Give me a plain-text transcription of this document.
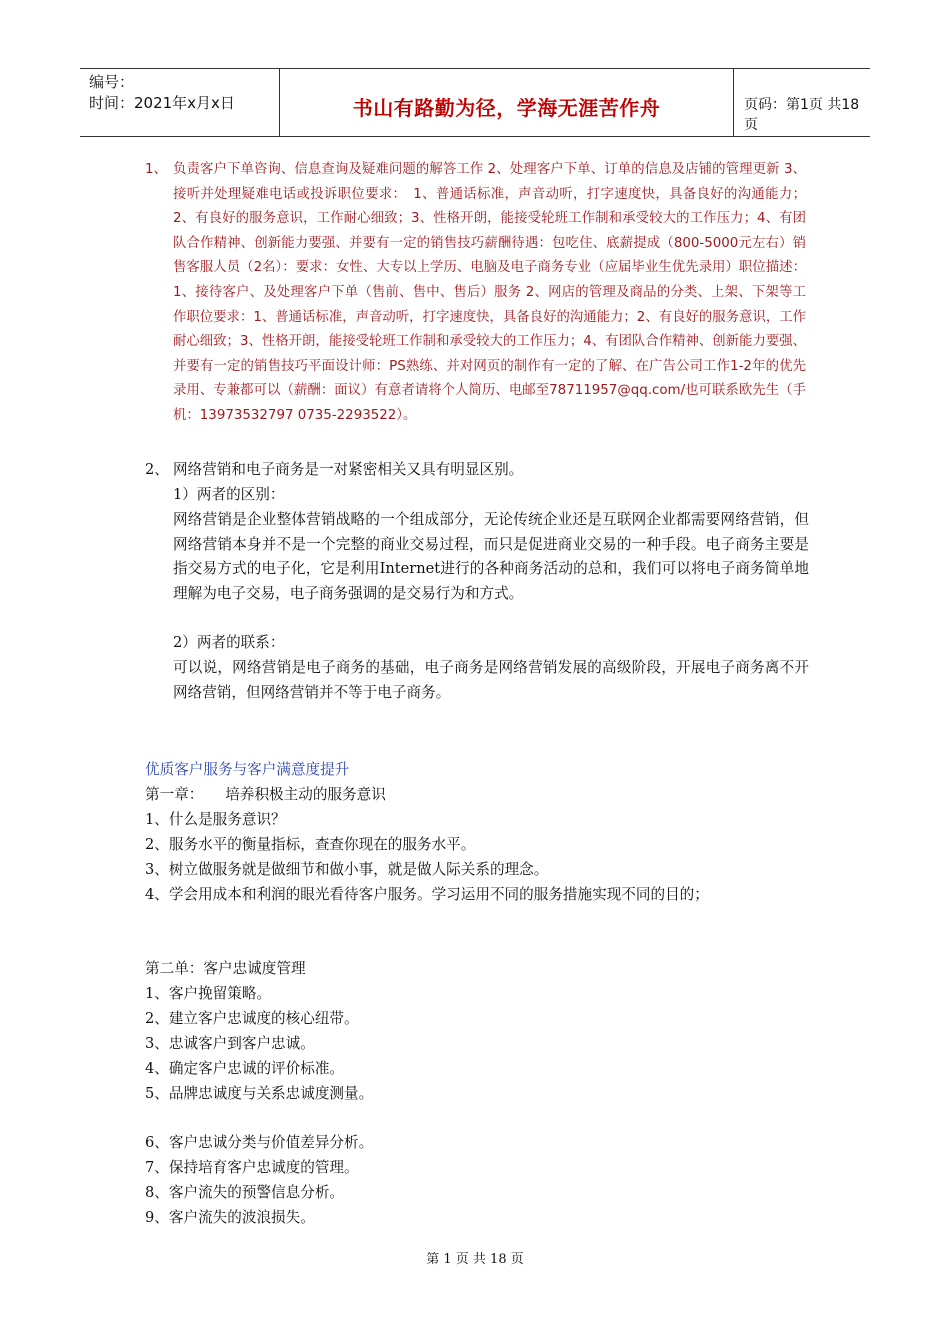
编号：
时间：2021年x月x日	书山有路勤为径，学海无涯苦作舟	页码：第1页 共18页
1、 负责客户下单咨询、信息查询及疑难问题的解答工作 2、处理客户下单、订单的信息及店铺的管理更新 3、接听并处理疑难电话或投诉职位要求：　1、普通话标准，声音动听，打字速度快，具备良好的沟通能力；2、有良好的服务意识，工作耐心细致；3、性格开朗，能接受轮班工作制和承受较大的工作压力；4、有团队合作精神、创新能力要强、并要有一定的销售技巧薪酬待遇：包吃住、底薪提成（800-5000元左右）销售客服人员（2名）：要求：女性、大专以上学历、电脑及电子商务专业（应届毕业生优先录用）职位描述：1、接待客户、及处理客户下单（售前、售中、售后）服务 2、网店的管理及商品的分类、上架、下架等工作职位要求：1、普通话标准，声音动听，打字速度快，具备良好的沟通能力；2、有良好的服务意识，工作耐心细致；3、性格开朗，能接受轮班工作制和承受较大的工作压力；4、有团队合作精神、创新能力要强、并要有一定的销售技巧平面设计师：PS熟练、并对网页的制作有一定的了解、在广告公司工作1-2年的优先录用、专兼都可以（薪酬：面议）有意者请将个人简历、电邮至78711957@qq.com/也可联系欧先生（手机：13973532797 0735-2293522）。
2、 网络营销和电子商务是一对紧密相关又具有明显区别。
1）两者的区别：
网络营销是企业整体营销战略的一个组成部分，无论传统企业还是互联网企业都需要网络营销，但网络营销本身并不是一个完整的商业交易过程，而只是促进商业交易的一种手段。电子商务主要是指交易方式的电子化，它是利用Internet进行的各种商务活动的总和，我们可以将电子商务简单地理解为电子交易，电子商务强调的是交易行为和方式。
2）两者的联系：
可以说，网络营销是电子商务的基础，电子商务是网络营销发展的高级阶段，开展电子商务离不开网络营销，但网络营销并不等于电子商务。
优质客户服务与客户满意度提升
第一章：　　培养积极主动的服务意识
1、什么是服务意识？
2、服务水平的衡量指标，查查你现在的服务水平。
3、树立做服务就是做细节和做小事，就是做人际关系的理念。
4、学会用成本和利润的眼光看待客户服务。学习运用不同的服务措施实现不同的目的；
第二单：客户忠诚度管理
1、客户挽留策略。
2、建立客户忠诚度的核心纽带。
3、忠诚客户到客户忠诚。
4、确定客户忠诚的评价标准。
5、品牌忠诚度与关系忠诚度测量。
6、客户忠诚分类与价值差异分析。
7、保持培育客户忠诚度的管理。
8、客户流失的预警信息分析。
9、客户流失的波浪损失。
第 1 页 共 18 页
